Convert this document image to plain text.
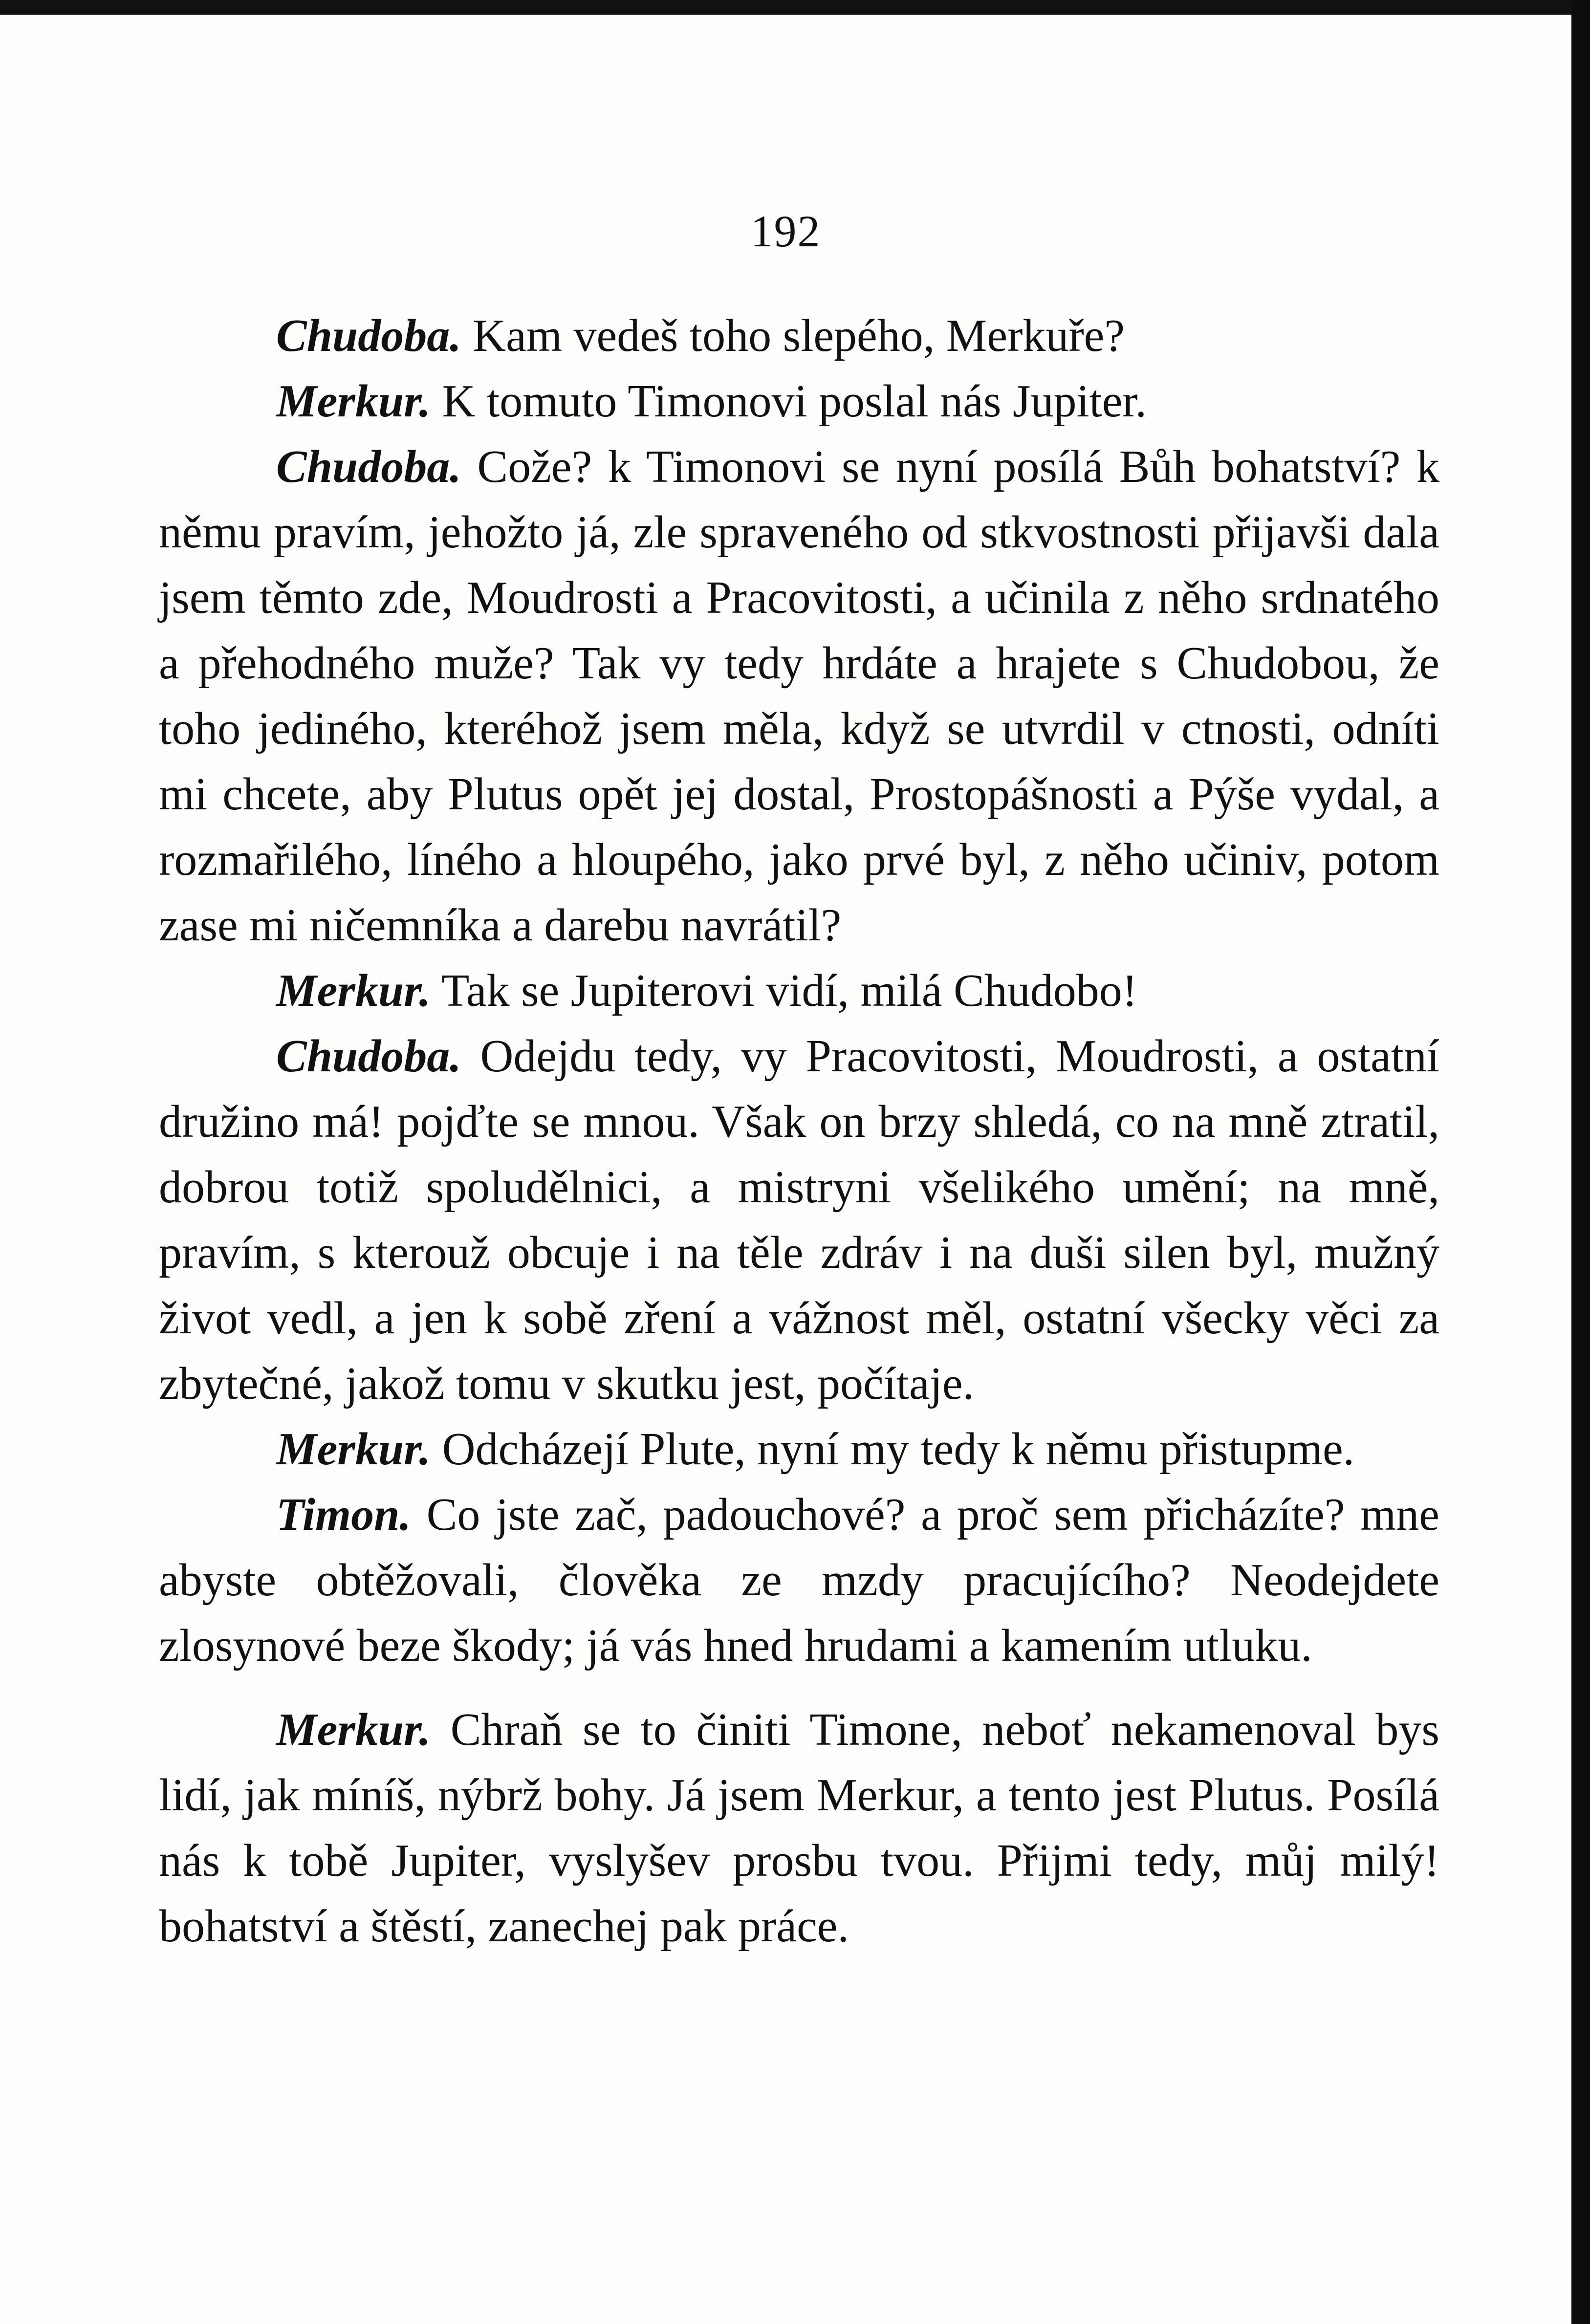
192

Chudoba. Kam vedeš toho slepého, Merkuře?

Merkur. K tomuto Timonovi poslal nás Jupiter.

Chudoba. Cože? k Timonovi se nyní posílá Bůh bohatství? k němu pravím, jehožto já, zle spraveného od stkvostnosti přijavši dala jsem těmto zde, Moudrosti a Pracovitosti, a učinila z něho srdnatého a přehodného muže? Tak vy tedy hrdáte a hrajete s Chudobou, že toho jediného, kteréhož jsem měla, když se utvrdil v ctnosti, odníti mi chcete, aby Plutus opět jej dostal, Prostopášnosti a Pýše vydal, a rozmařilého, líného a hloupého, jako prvé byl, z něho učiniv, potom zase mi ničemníka a darebu navrátil?

Merkur. Tak se Jupiterovi vidí, milá Chudobo!

Chudoba. Odejdu tedy, vy Pracovitosti, Moudrosti, a ostatní družino má! pojďte se mnou. Však on brzy shledá, co na mně ztratil, dobrou totiž spoludělnici, a mistryni všelikého umění; na mně, pravím, s kterouž obcuje i na těle zdráv i na duši silen byl, mužný život vedl, a jen k sobě zření a vážnost měl, ostatní všecky věci za zbytečné, jakož tomu v skutku jest, počítaje.

Merkur. Odcházejí Plute, nyní my tedy k němu přistupme.

Timon. Co jste zač, padouchové? a proč sem přicházíte? mne abyste obtěžovali, člověka ze mzdy pracujícího? Neodejdete zlosynové beze škody; já vás hned hrudami a kamením utluku.

Merkur. Chraň se to činiti Timone, neboť nekamenoval bys lidí, jak míníš, nýbrž bohy. Já jsem Merkur, a tento jest Plutus. Posílá nás k tobě Jupiter, vyslyšev prosbu tvou. Přijmi tedy, můj milý! bohatství a štěstí, zanechej pak práce.
